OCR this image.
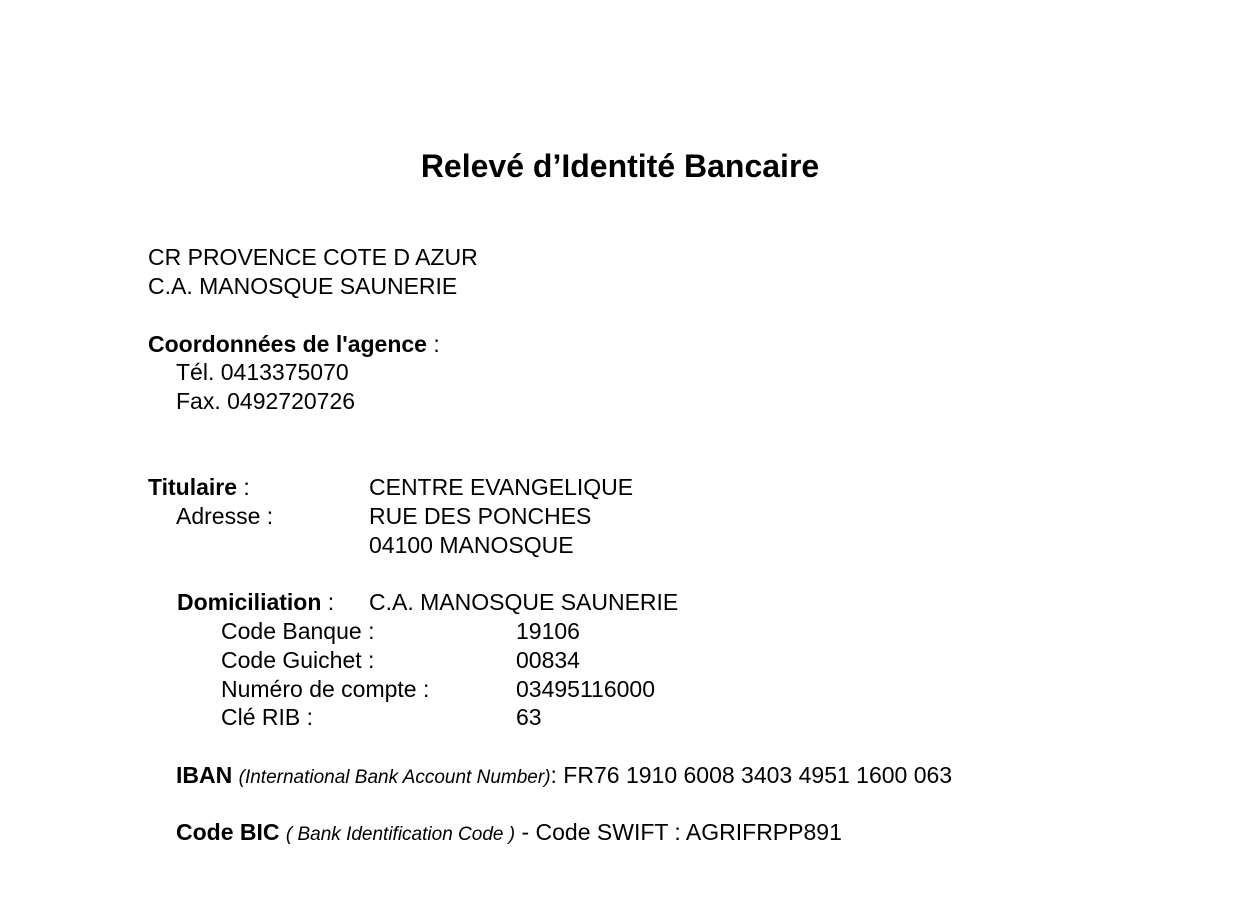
Relevé d’Identité Bancaire
CR PROVENCE COTE D AZUR
C.A. MANOSQUE SAUNERIE
Coordonnées de l'agence :
Tél. 0413375070
Fax. 0492720726
Titulaire :	CENTRE EVANGELIQUE
Adresse :	RUE DES PONCHES
04100 MANOSQUE
Domiciliation : C.A. MANOSQUE SAUNERIE
Code Banque :	19106
Code Guichet :	00834
Numéro de compte :	03495116000
Clé RIB :	63
IBAN (International Bank Account Number): FR76 1910 6008 3403 4951 1600 063
Code BIC ( Bank Identification Code ) - Code SWIFT : AGRIFRPP891
